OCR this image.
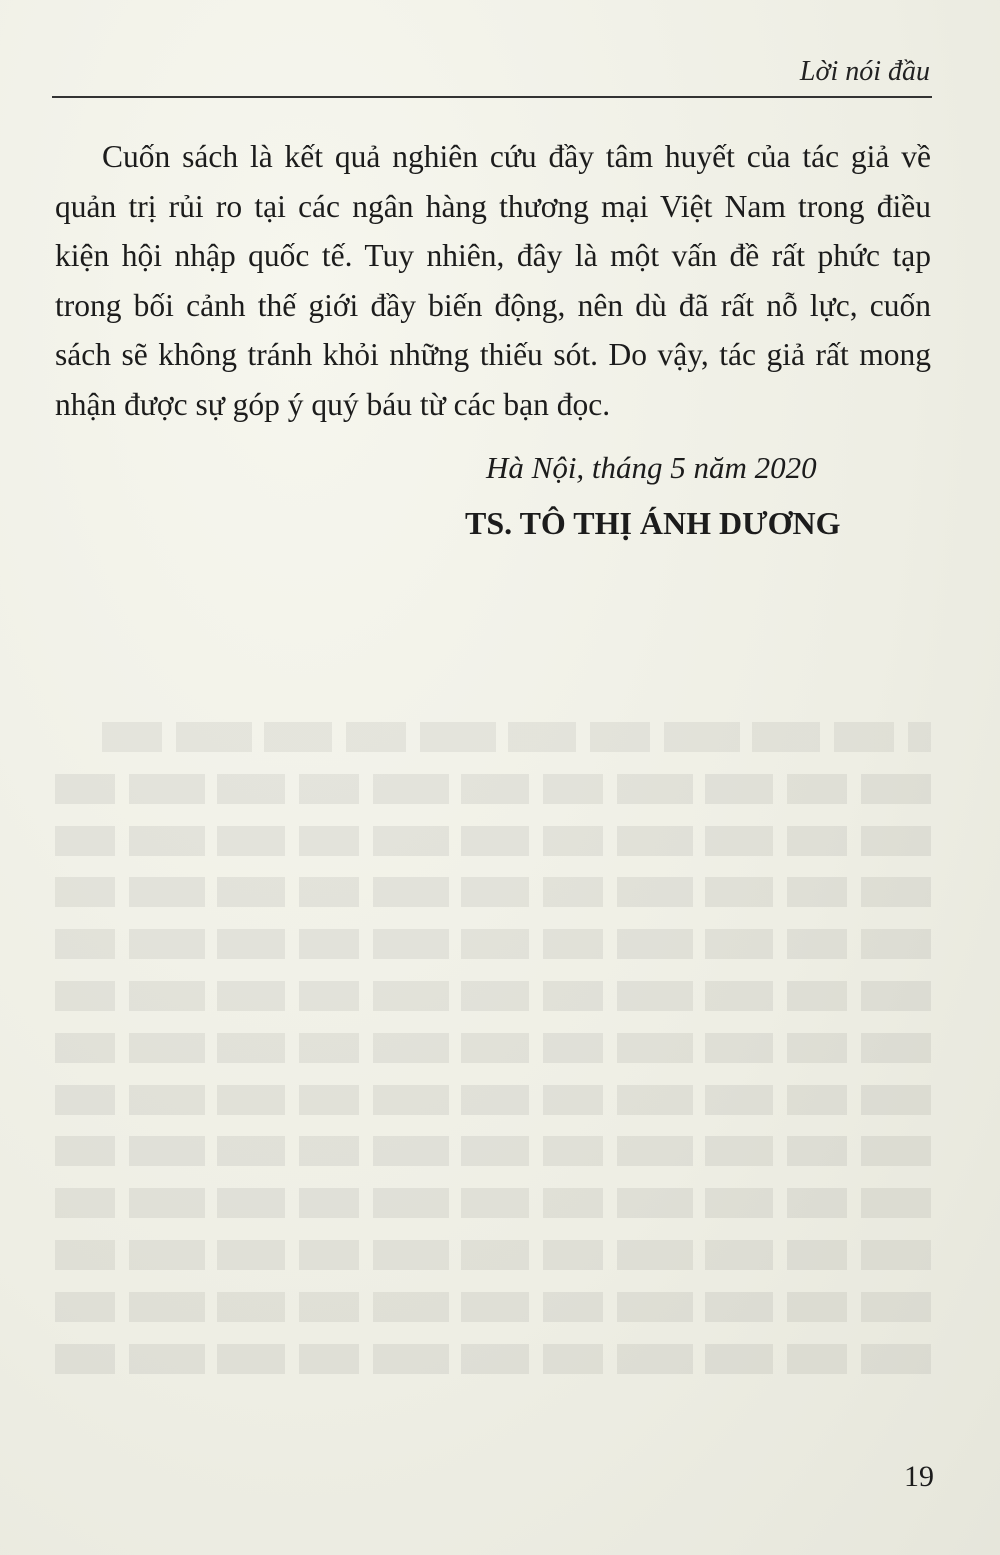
Lời nói đầu

Cuốn sách là kết quả nghiên cứu đầy tâm huyết của tác giả về quản trị rủi ro tại các ngân hàng thương mại Việt Nam trong điều kiện hội nhập quốc tế. Tuy nhiên, đây là một vấn đề rất phức tạp trong bối cảnh thế giới đầy biến động, nên dù đã rất nỗ lực, cuốn sách sẽ không tránh khỏi những thiếu sót. Do vậy, tác giả rất mong nhận được sự góp ý quý báu từ các bạn đọc.

Hà Nội, tháng 5 năm 2020
TS. TÔ THỊ ÁNH DƯƠNG
19
